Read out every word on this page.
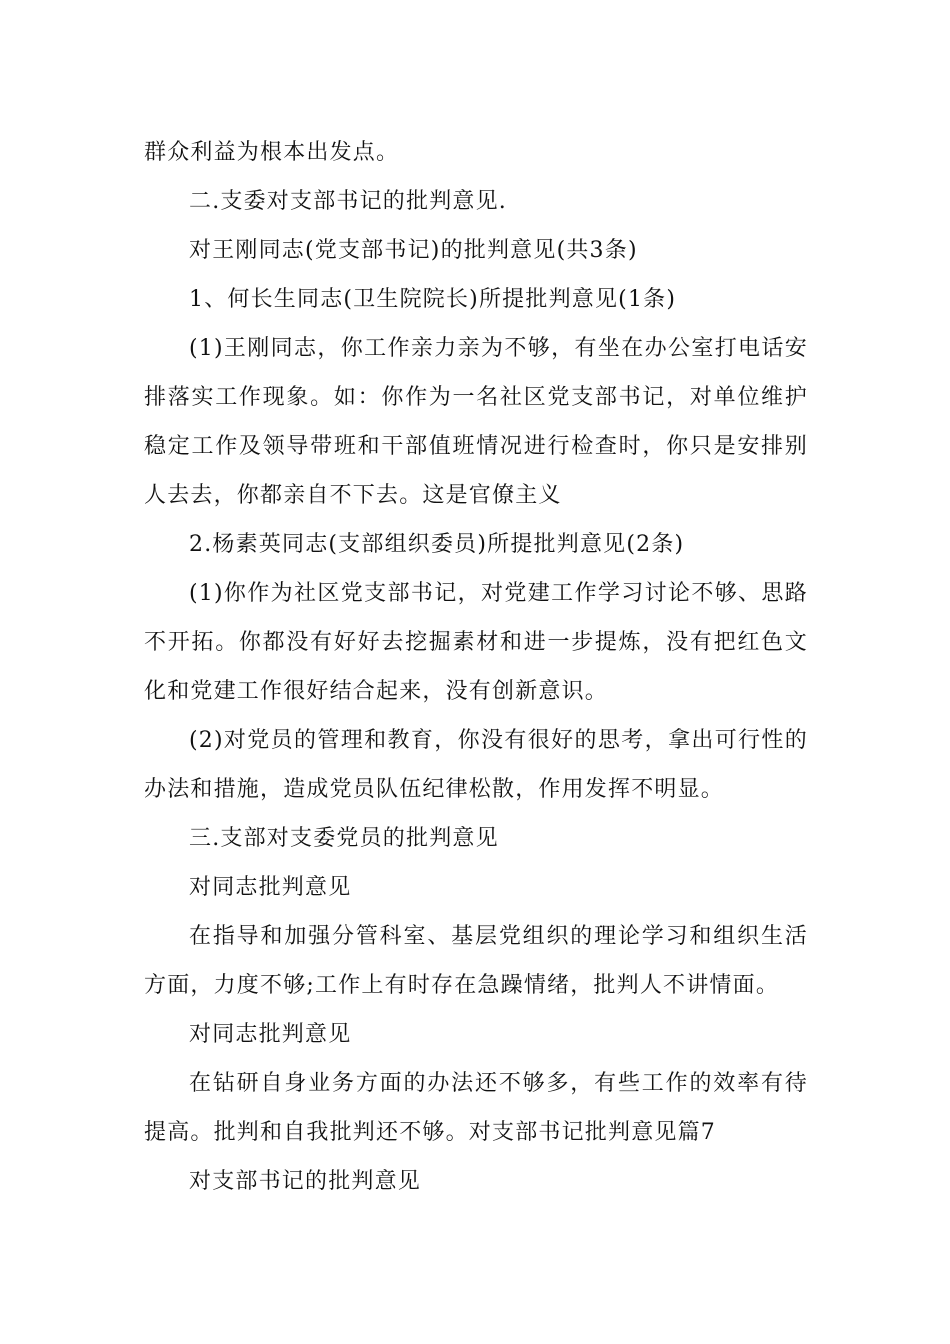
群众利益为根本出发点。

二.支委对支部书记的批判意见.

对王刚同志(党支部书记)的批判意见(共3条)

1、何长生同志(卫生院院长)所提批判意见(1条)

(1)王刚同志，你工作亲力亲为不够，有坐在办公室打电话安排落实工作现象。如：你作为一名社区党支部书记，对单位维护稳定工作及领导带班和干部值班情况进行检查时，你只是安排别人去去，你都亲自不下去。这是官僚主义

2.杨素英同志(支部组织委员)所提批判意见(2条)

(1)你作为社区党支部书记，对党建工作学习讨论不够、思路不开拓。你都没有好好去挖掘素材和进一步提炼，没有把红色文化和党建工作很好结合起来，没有创新意识。

(2)对党员的管理和教育，你没有很好的思考，拿出可行性的办法和措施，造成党员队伍纪律松散，作用发挥不明显。

三.支部对支委党员的批判意见

对同志批判意见

在指导和加强分管科室、基层党组织的理论学习和组织生活方面，力度不够;工作上有时存在急躁情绪，批判人不讲情面。

对同志批判意见

在钻研自身业务方面的办法还不够多，有些工作的效率有待提高。批判和自我批判还不够。对支部书记批判意见篇7

对支部书记的批判意见
